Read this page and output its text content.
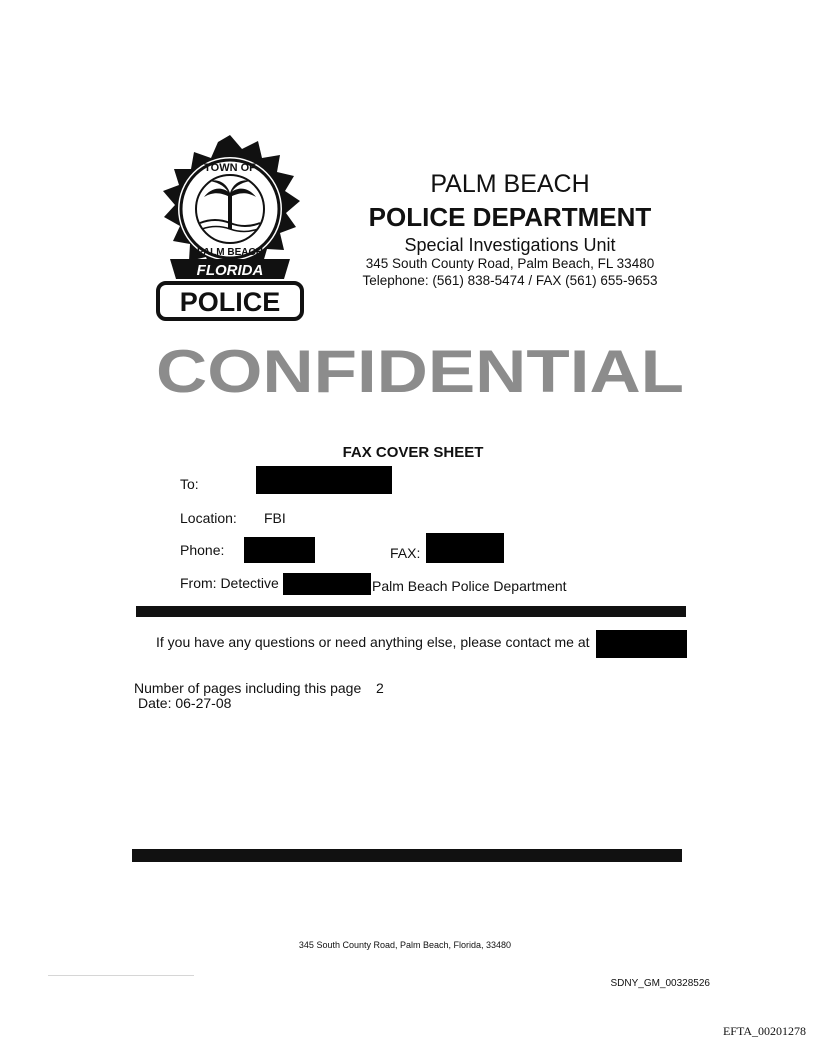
TOWN OF
PALM BEACH
FLORIDA
POLICE
PALM BEACH
POLICE DEPARTMENT
Special Investigations Unit
345 South County Road, Palm Beach, FL 33480
Telephone: (561) 838-5474 / FAX (561) 655-9653
CONFIDENTIAL
FAX COVER SHEET
To:
Location: FBI
Phone:	FAX:
From: Detective	Palm Beach Police Department
If you have any questions or need anything else, please contact me at
Number of pages including this page 2
Date: 06-27-08
345 South County Road, Palm Beach, Florida, 33480
SDNY_GM_00328526
EFTA_00201278
